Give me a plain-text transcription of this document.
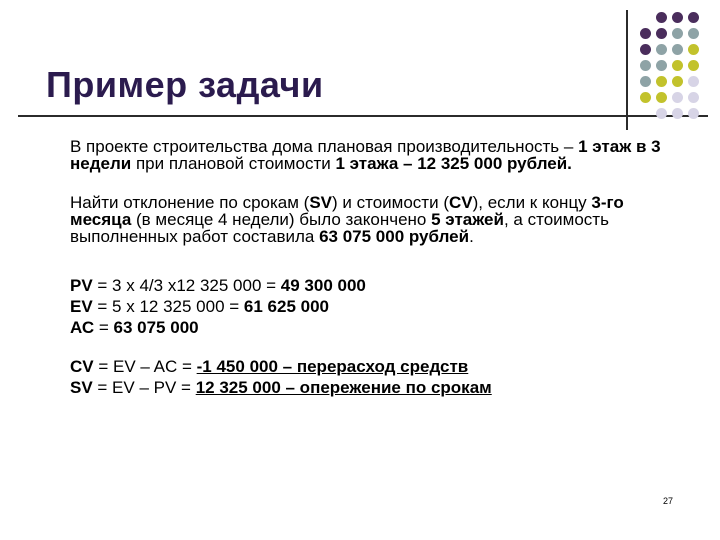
Пример задачи

В проекте строительства дома плановая производительность – 1 этаж в 3 недели при плановой стоимости 1 этажа – 12 325 000 рублей.

Найти отклонение по срокам (SV) и стоимости (CV), если к концу 3-го месяца (в месяце 4 недели) было закончено 5 этажей, а стоимость выполненных работ составила 63 075 000 рублей.

PV = 3 х 4/3 х12 325 000 = 49 300 000
EV = 5 х 12 325 000 = 61 625 000
АС = 63 075 000
CV = EV – AC = -1 450 000 – перерасход средств
SV = EV – PV = 12 325 000 – опережение по срокам
27
